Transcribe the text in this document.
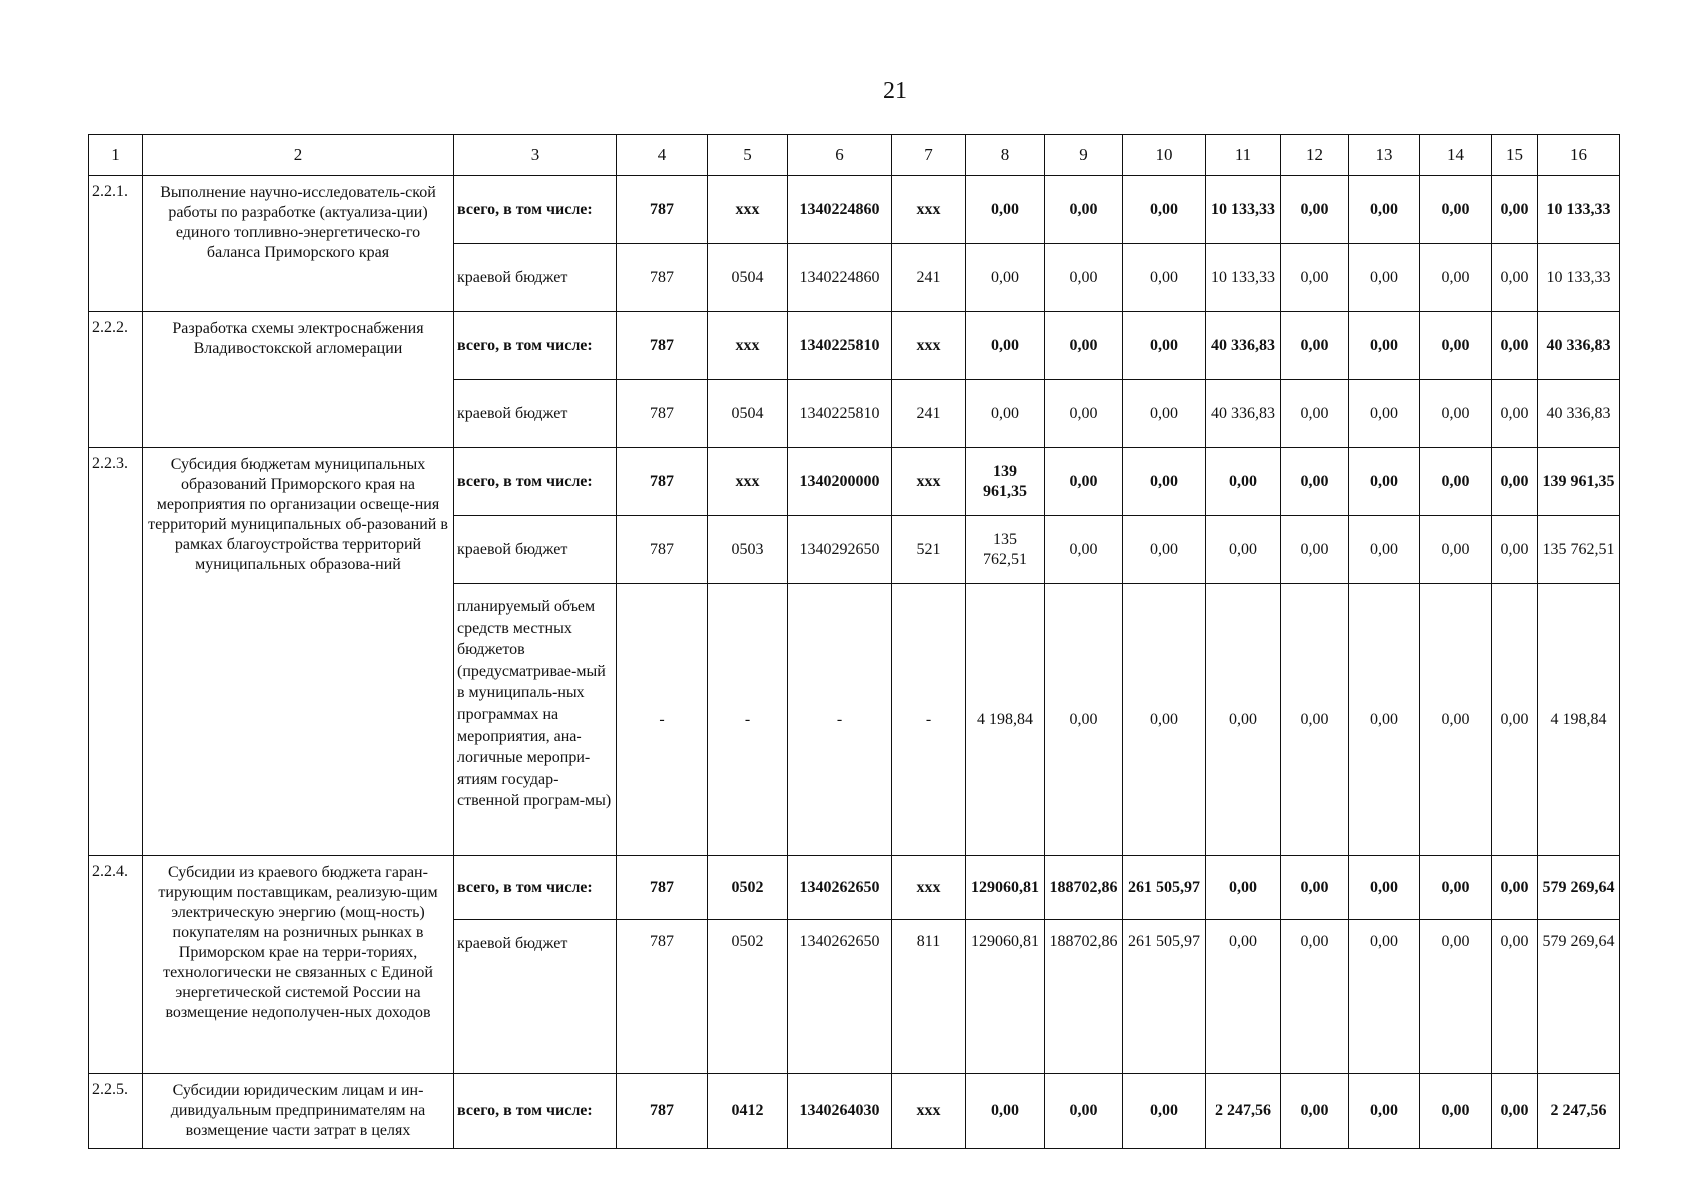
21
1	2	3	4	5	6	7	8	9	10	11	12	13	14	15	16
2.2.1.	Выполнение научно-исследователь-ской работы по разработке (актуализа-ции) единого топливно-энергетическо-го баланса Приморского края	всего, в том числе:	787	xxx	1340224860	xxx	0,00	0,00	0,00	10 133,33	0,00	0,00	0,00	0,00	10 133,33
		краевой бюджет	787	0504	1340224860	241	0,00	0,00	0,00	10 133,33	0,00	0,00	0,00	0,00	10 133,33
2.2.2.	Разработка схемы электроснабжения Владивостокской агломерации	всего, в том числе:	787	xxx	1340225810	xxx	0,00	0,00	0,00	40 336,83	0,00	0,00	0,00	0,00	40 336,83
		краевой бюджет	787	0504	1340225810	241	0,00	0,00	0,00	40 336,83	0,00	0,00	0,00	0,00	40 336,83
2.2.3.	Субсидия бюджетам муниципальных образований Приморского края на мероприятия по организации освеще-ния территорий муниципальных об-разований в рамках благоустройства территорий муниципальных образова-ний	всего, в том числе:	787	xxx	1340200000	xxx	139 961,35	0,00	0,00	0,00	0,00	0,00	0,00	0,00	139 961,35
		краевой бюджет	787	0503	1340292650	521	135 762,51	0,00	0,00	0,00	0,00	0,00	0,00	0,00	135 762,51
		планируемый объем средств местных бюджетов (предусматривае-мый в муниципаль-ных программах на мероприятия, ана-логичные меропри-ятиям государ-ственной програм-мы)	-	-	-	-	4 198,84	0,00	0,00	0,00	0,00	0,00	0,00	0,00	4 198,84
2.2.4.	Субсидии из краевого бюджета гаран-тирующим поставщикам, реализую-щим электрическую энергию (мощ-ность) покупателям на розничных рынках в Приморском крае на терри-ториях, технологически не связанных с Единой энергетической системой России на возмещение недополучен-ных доходов	всего, в том числе:	787	0502	1340262650	xxx	129060,81	188702,86	261 505,97	0,00	0,00	0,00	0,00	0,00	579 269,64
		краевой бюджет	787	0502	1340262650	811	129060,81	188702,86	261 505,97	0,00	0,00	0,00	0,00	0,00	579 269,64
2.2.5.	Субсидии юридическим лицам и ин-дивидуальным предпринимателям на возмещение части затрат в целях	всего, в том числе:	787	0412	1340264030	xxx	0,00	0,00	0,00	2 247,56	0,00	0,00	0,00	0,00	2 247,56
